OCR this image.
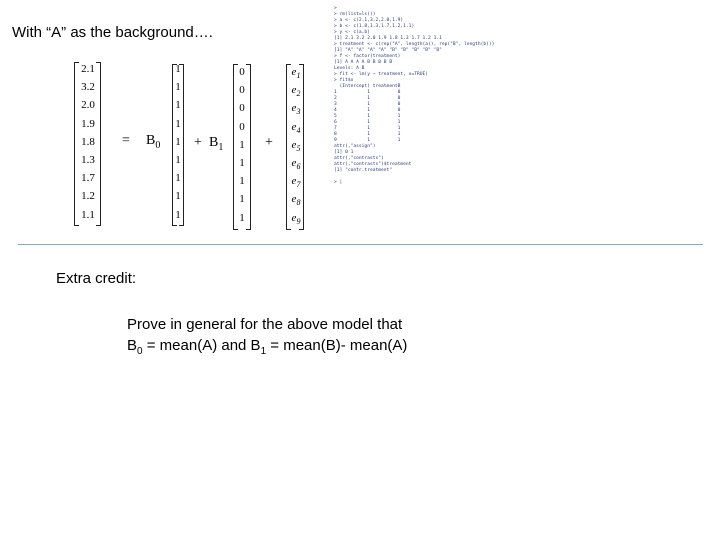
With “A” as the background….
2.1
3.2
2.0
1.9
1.8
1.3
1.7
1.2
1.1
= $B_0$
1
1
1
1
1
1
1
1
1
+ $B_1$
0
0
0
0
1
1
1
1
1
+
$e_1$
$e_2$
$e_3$
$e_4$
$e_5$
$e_6$
$e_7$
$e_8$
$e_9$
>
> rm(list=ls())
> a <- c(2.1,3.2,2.0,1.9)
> b <- c(1.8,1.3,1.7,1.2,1.1)
> y <- c(a,b)
[1] 2.1 3.2 2.0 1.9 1.8 1.3 1.7 1.2 1.1
> treatment <- c(rep("A", length(a)), rep("B", length(b)))
[1] "A" "A" "A" "A" "B" "B" "B" "B" "B"
> f <- factor(treatment)
[1] A A A A B B B B B
Levels: A B
> fit <- lm(y ~ treatment, x=TRUE)
> fit$x
(Intercept) treatmentB
1           1          0
2           1          0
3           1          0
4           1          0
5           1          1
6           1          1
7           1          1
8           1          1
9           1          1
attr(,"assign")
[1] 0 1
attr(,"contrasts")
attr(,"contrasts")$treatment
[1] "contr.treatment"

> |
Extra credit:
Prove in general for the above model that
$B_0$ = mean(A) and $B_1$ = mean(B)- mean(A)
